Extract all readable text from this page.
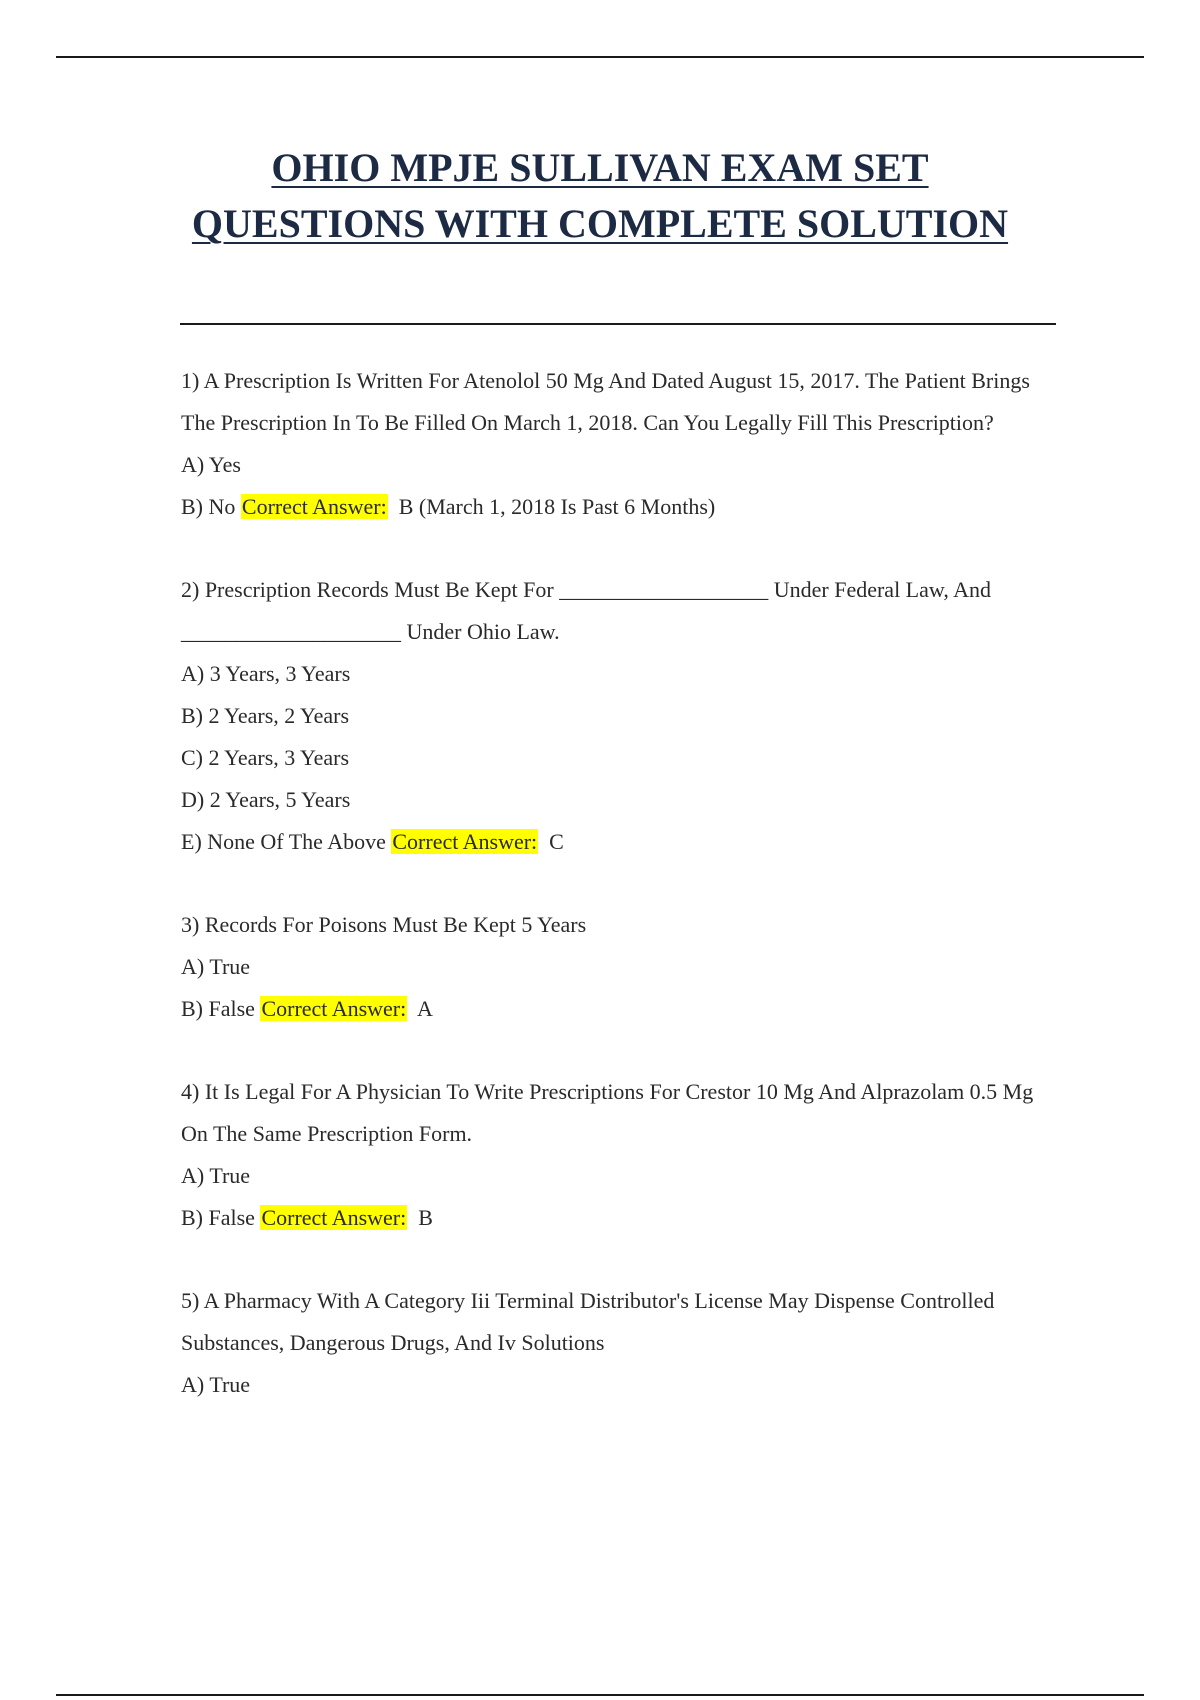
OHIO MPJE SULLIVAN EXAM SET
QUESTIONS WITH COMPLETE SOLUTION
1) A Prescription Is Written For Atenolol 50 Mg And Dated August 15, 2017. The Patient Brings The Prescription In To Be Filled On March 1, 2018. Can You Legally Fill This Prescription?
A) Yes
B) No Correct Answer: B (March 1, 2018 Is Past 6 Months)
2) Prescription Records Must Be Kept For ___________________ Under Federal Law, And ____________________ Under Ohio Law.
A) 3 Years, 3 Years
B) 2 Years, 2 Years
C) 2 Years, 3 Years
D) 2 Years, 5 Years
E) None Of The Above Correct Answer: C
3) Records For Poisons Must Be Kept 5 Years
A) True
B) False Correct Answer: A
4) It Is Legal For A Physician To Write Prescriptions For Crestor 10 Mg And Alprazolam 0.5 Mg On The Same Prescription Form.
A) True
B) False Correct Answer: B
5) A Pharmacy With A Category Iii Terminal Distributor's License May Dispense Controlled Substances, Dangerous Drugs, And Iv Solutions
A) True
